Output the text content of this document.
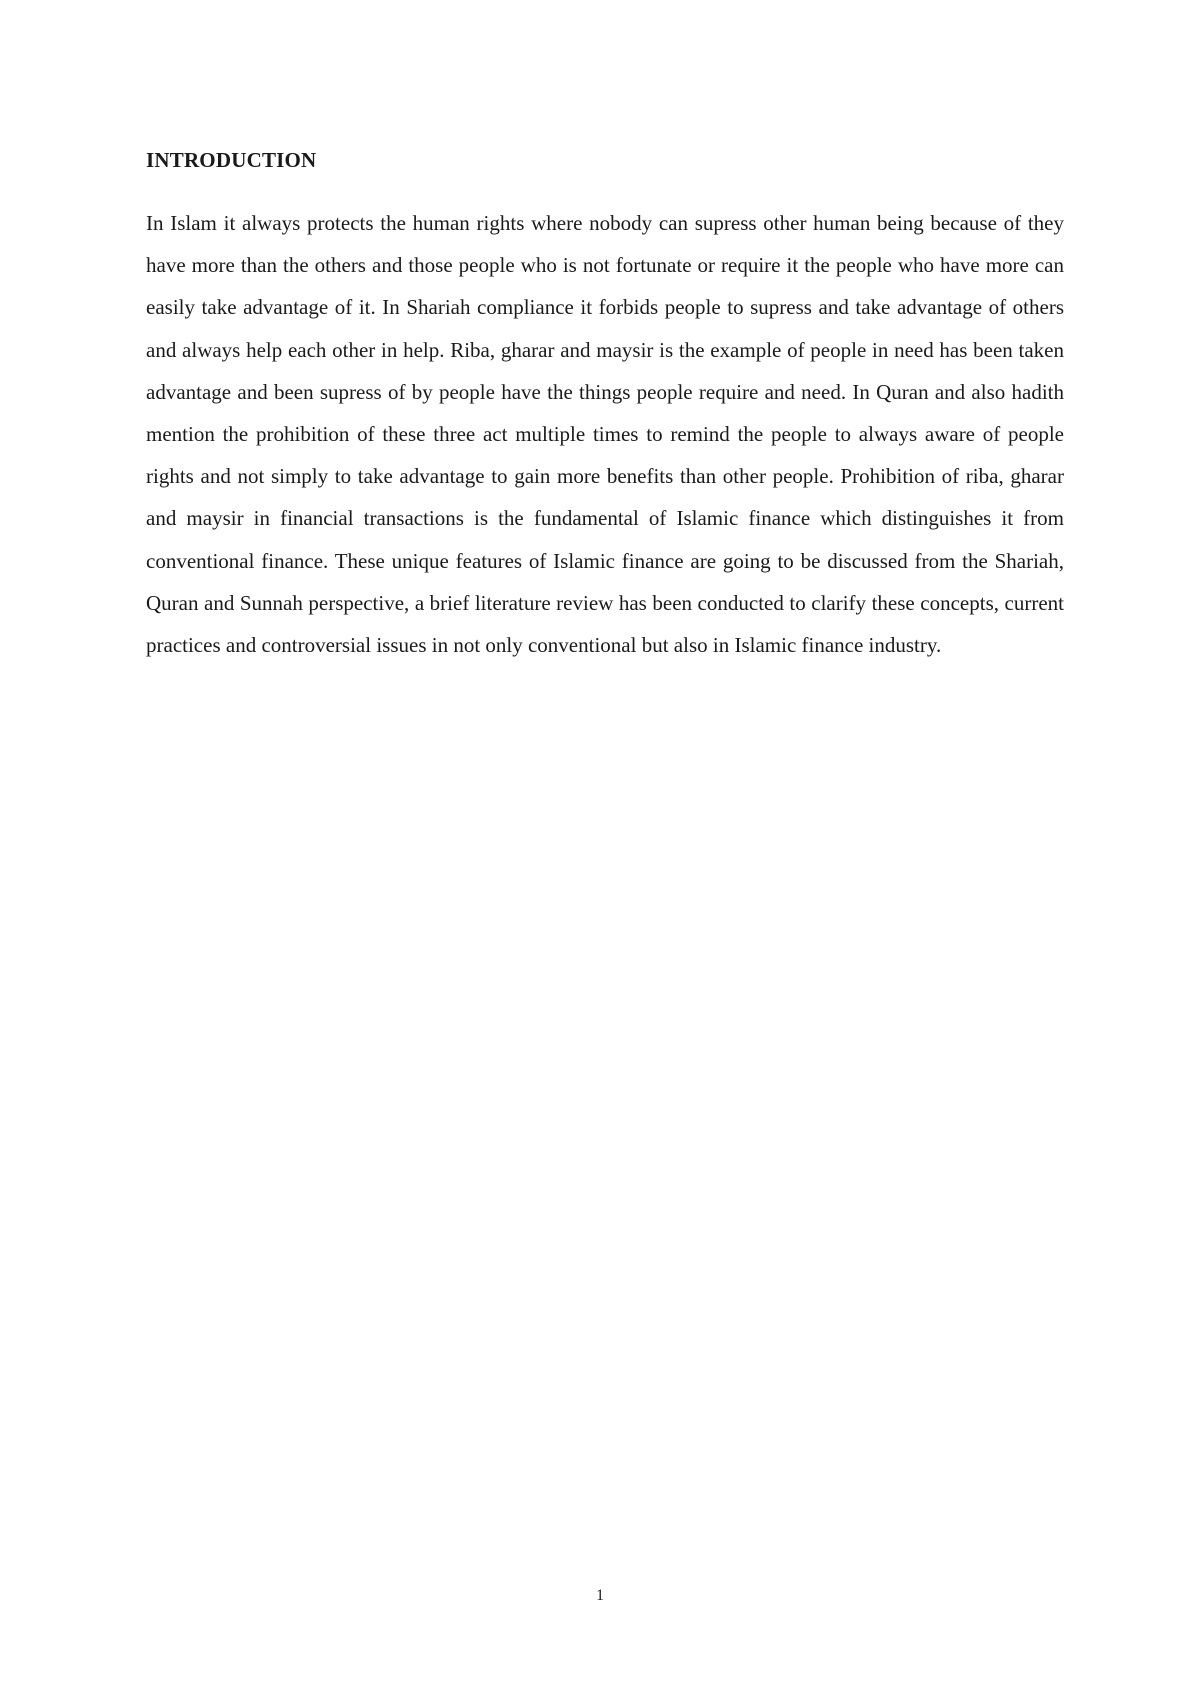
INTRODUCTION

In Islam it always protects the human rights where nobody can supress other human being because of they have more than the others and those people who is not fortunate or require it the people who have more can easily take advantage of it. In Shariah compliance it forbids people to supress and take advantage of others and always help each other in help. Riba, gharar and maysir is the example of people in need has been taken advantage and been supress of by people have the things people require and need. In Quran and also hadith mention the prohibition of these three act multiple times to remind the people to always aware of people rights and not simply to take advantage to gain more benefits than other people. Prohibition of riba, gharar and maysir in financial transactions is the fundamental of Islamic finance which distinguishes it from conventional finance. These unique features of Islamic finance are going to be discussed from the Shariah, Quran and Sunnah perspective, a brief literature review has been conducted to clarify these concepts, current practices and controversial issues in not only conventional but also in Islamic finance industry.

1
